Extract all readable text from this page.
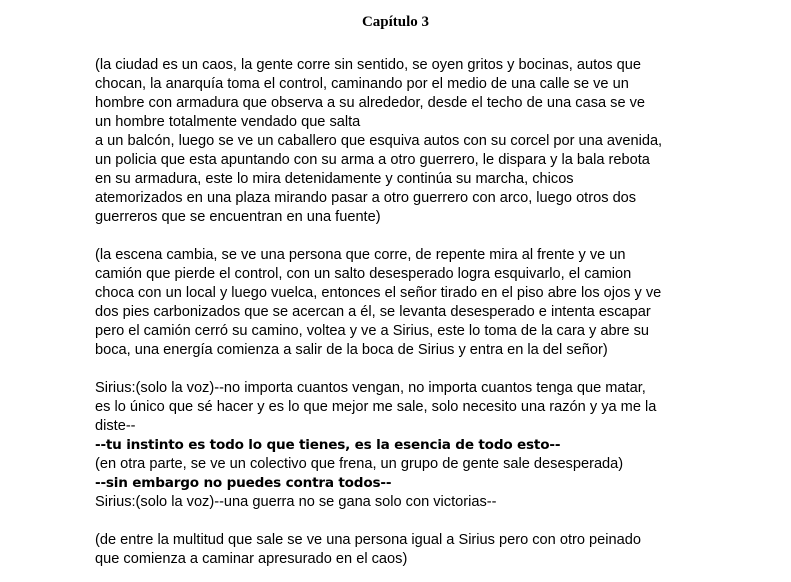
Capítulo 3
(la ciudad es un caos, la gente corre sin sentido, se oyen gritos y bocinas, autos que
chocan, la anarquía toma el control, caminando por el medio de una calle se ve un
hombre con armadura que observa a su alrededor, desde el techo de una casa se ve
un hombre totalmente vendado que salta
a un balcón, luego se ve un caballero que esquiva autos con su corcel por una avenida,
un policia que esta apuntando con su arma a otro guerrero, le dispara y la bala rebota
en su armadura, este lo mira detenidamente y continúa su marcha, chicos
atemorizados en una plaza mirando pasar a otro guerrero con arco, luego otros dos
guerreros que se encuentran en una fuente)
(la escena cambia, se ve una persona que corre, de repente mira al frente y ve un
camión que pierde el control, con un salto desesperado logra esquivarlo, el camion
choca con un local y luego vuelca, entonces el señor tirado en el piso abre los ojos y ve
dos pies carbonizados que se acercan a él, se levanta desesperado e intenta escapar
pero el camión cerró su camino, voltea y ve a Sirius, este lo toma de la cara y abre su
boca, una energía comienza a salir de la boca de Sirius y entra en la del señor)
Sirius:(solo la voz)--no importa cuantos vengan, no importa cuantos tenga que matar,
es lo único que sé hacer y es lo que mejor me sale, solo necesito una razón y ya me la
diste--
--tu instinto es todo lo que tienes, es la esencia de todo esto--
(en otra parte, se ve un colectivo que frena, un grupo de gente sale desesperada)
--sin embargo no puedes contra todos--
Sirius:(solo la voz)--una guerra no se gana solo con victorias--
(de entre la multitud que sale se ve una persona igual a Sirius pero con otro peinado
que comienza a caminar apresurado en el caos)
